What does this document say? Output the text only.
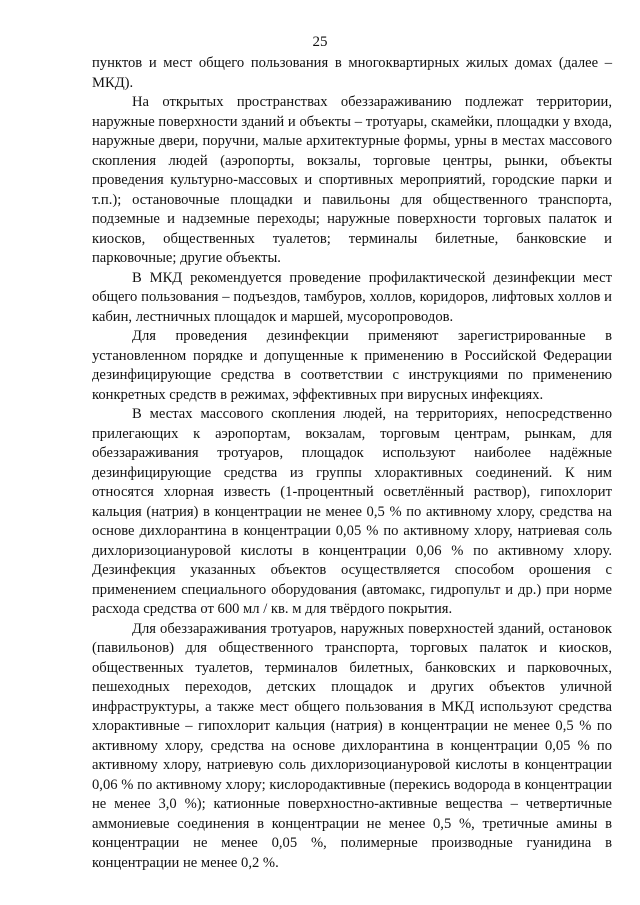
25

пунктов и мест общего пользования в многоквартирных жилых домах (далее – МКД).

На открытых пространствах обеззараживанию подлежат территории, наружные поверхности зданий и объекты – тротуары, скамейки, площадки у входа, наружные двери, поручни, малые архитектурные формы, урны в местах массового скопления людей (аэропорты, вокзалы, торговые центры, рынки, объекты проведения культурно-массовых и спортивных мероприятий, городские парки и т.п.); остановочные площадки и павильоны для общественного транспорта, подземные и надземные переходы; наружные поверхности торговых палаток и киосков, общественных туалетов; терминалы билетные, банковские и парковочные; другие объекты.

В МКД рекомендуется проведение профилактической дезинфекции мест общего пользования – подъездов, тамбуров, холлов, коридоров, лифтовых холлов и кабин, лестничных площадок и маршей, мусоропроводов.

Для проведения дезинфекции применяют зарегистрированные в установленном порядке и допущенные к применению в Российской Федерации дезинфицирующие средства в соответствии с инструкциями по применению конкретных средств в режимах, эффективных при вирусных инфекциях.

В местах массового скопления людей, на территориях, непосредственно прилегающих к аэропортам, вокзалам, торговым центрам, рынкам, для обеззараживания тротуаров, площадок используют наиболее надёжные дезинфицирующие средства из группы хлорактивных соединений. К ним относятся хлорная известь (1-процентный осветлённый раствор), гипохлорит кальция (натрия) в концентрации не менее 0,5 % по активному хлору, средства на основе дихлорантина в концентрации 0,05 % по активному хлору, натриевая соль дихлоризоциануровой кислоты в концентрации 0,06 % по активному хлору. Дезинфекция указанных объектов осуществляется способом орошения с применением специального оборудования (автомакс, гидропульт и др.) при норме расхода средства от 600 мл / кв. м для твёрдого покрытия.

Для обеззараживания тротуаров, наружных поверхностей зданий, остановок (павильонов) для общественного транспорта, торговых палаток и киосков, общественных туалетов, терминалов билетных, банковских и парковочных, пешеходных переходов, детских площадок и других объектов уличной инфраструктуры, а также мест общего пользования в МКД используют средства хлорактивные – гипохлорит кальция (натрия) в концентрации не менее 0,5 % по активному хлору, средства на основе дихлорантина в концентрации 0,05 % по активному хлору, натриевую соль дихлоризоциануровой кислоты в концентрации 0,06 % по активному хлору; кислородактивные (перекись водорода в концентрации не менее 3,0 %); катионные поверхностно-активные вещества – четвертичные аммониевые соединения в концентрации не менее 0,5 %, третичные амины в концентрации не менее 0,05 %, полимерные производные гуанидина в концентрации не менее 0,2 %.
